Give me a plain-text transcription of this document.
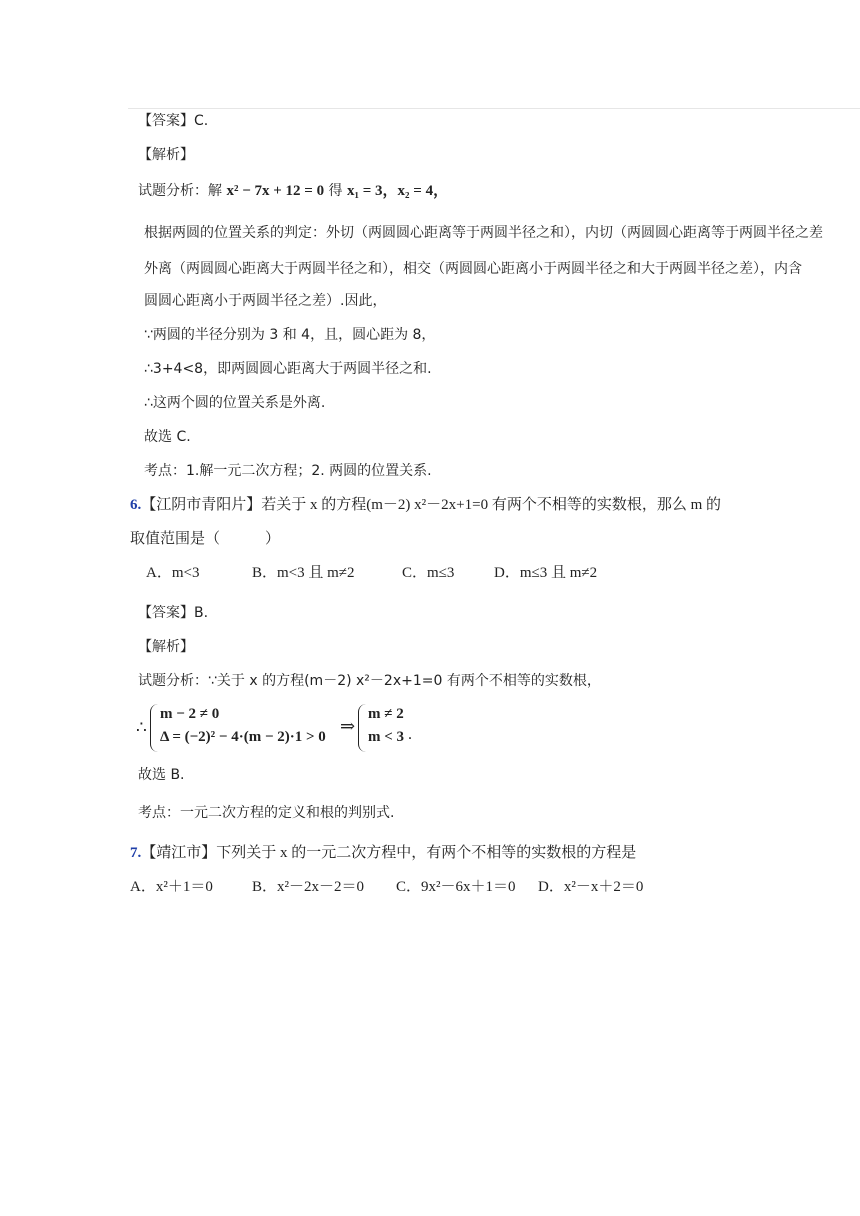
【答案】C.
【解析】
试题分析：解 x² − 7x + 12 = 0 得 x₁ = 3，x₂ = 4，
根据两圆的位置关系的判定：外切（两圆圆心距离等于两圆半径之和），内切（两圆圆心距离等于两圆半径之差
外离（两圆圆心距离大于两圆半径之和），相交（两圆圆心距离小于两圆半径之和大于两圆半径之差），内含
圆圆心距离小于两圆半径之差）.因此，
∵两圆的半径分别为 3 和 4，且，圆心距为 8，
∴3+4<8，即两圆圆心距离大于两圆半径之和.
∴这两个圆的位置关系是外离.
故选 C.
考点：1.解一元二次方程；2. 两圆的位置关系.
6.【江阴市青阳片】若关于 x 的方程(m－2) x²－2x+1=0 有两个不相等的实数根，那么 m 的
取值范围是（　　　）
A．m<3	B．m<3 且 m≠2	C．m≤3	D．m≤3 且 m≠2
【答案】B.
【解析】
试题分析：∵关于 x 的方程(m－2) x²－2x+1=0 有两个不相等的实数根，
∴
m − 2 ≠ 0
Δ = (−2)² − 4·(m − 2)·1 > 0
⇒
m ≠ 2
m < 3 .
故选 B.
考点：一元二次方程的定义和根的判别式.
7.【靖江市】下列关于 x 的一元二次方程中，有两个不相等的实数根的方程是
A．x²＋1＝0	B．x²－2x－2＝0 C．9x²－6x＋1＝0 D．x²－x＋2＝0
